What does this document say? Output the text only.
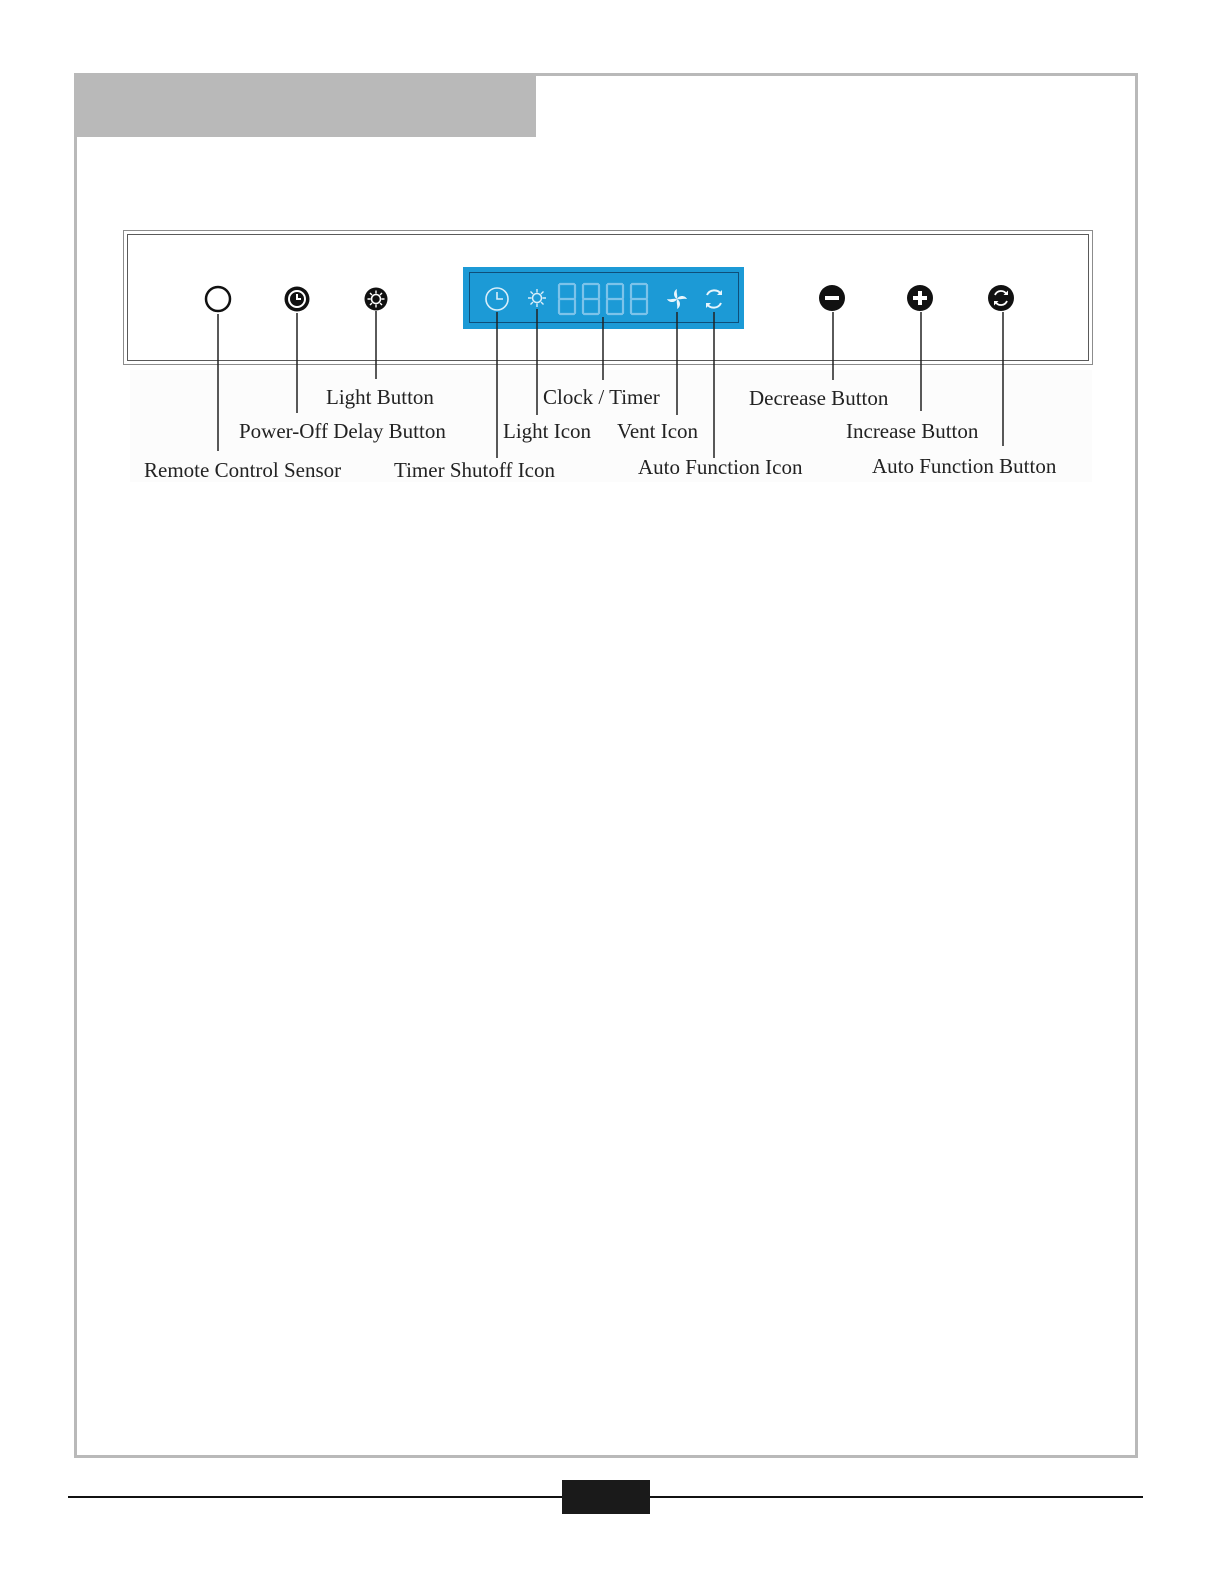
Light Button
Power-Off Delay Button
Remote Control Sensor
Clock / Timer
Light Icon Vent Icon
Timer Shutoff Icon	Auto Function Icon
Decrease Button
Increase Button
Auto Function Button
